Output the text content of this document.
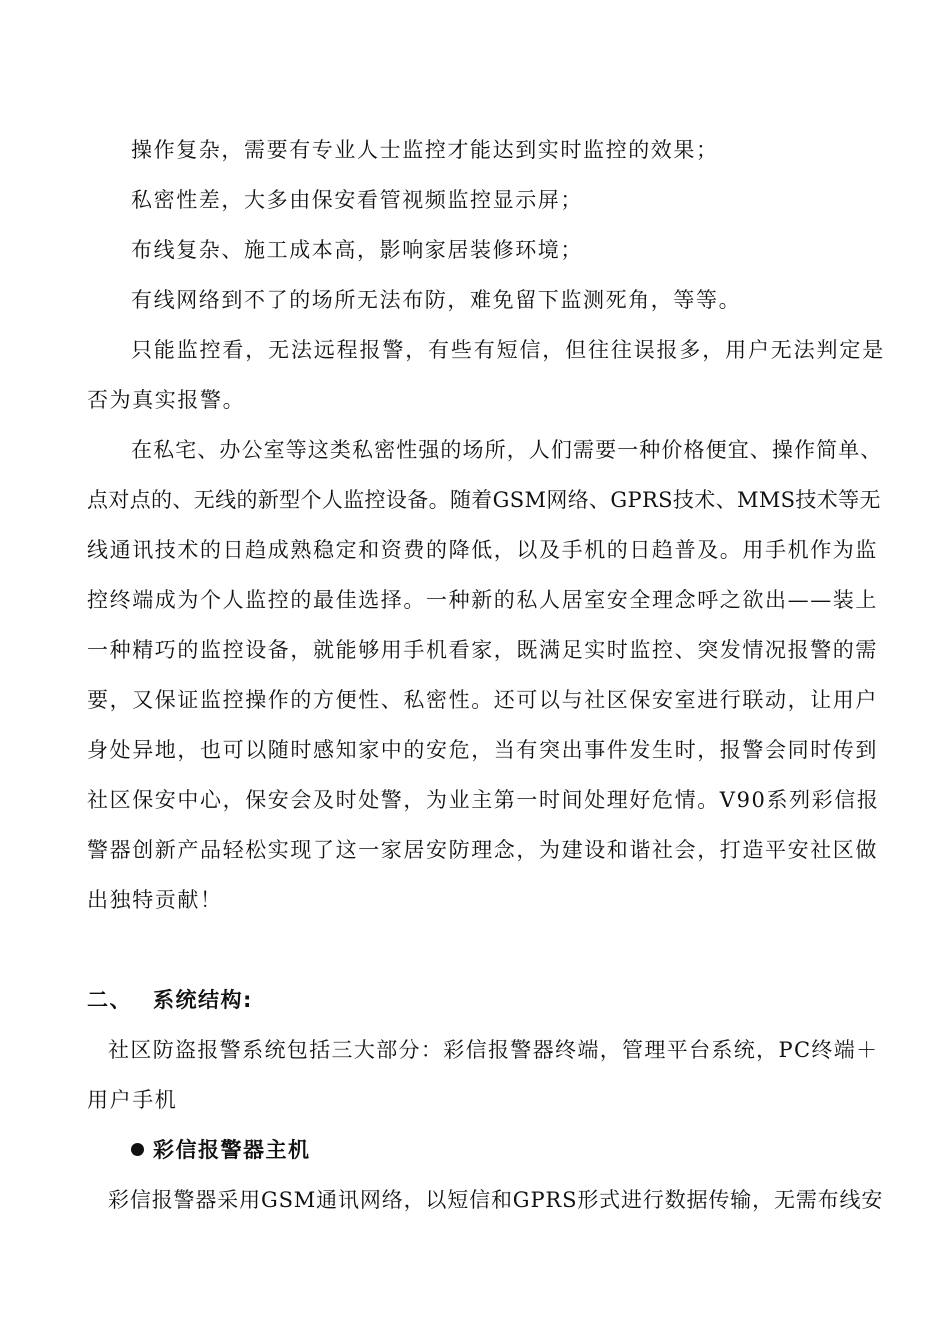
操作复杂，需要有专业人士监控才能达到实时监控的效果；
私密性差，大多由保安看管视频监控显示屏；
布线复杂、施工成本高，影响家居装修环境；
有线网络到不了的场所无法布防，难免留下监测死角，等等。
只能监控看，无法远程报警，有些有短信，但往往误报多，用户无法判定是
否为真实报警。
在私宅、办公室等这类私密性强的场所，人们需要一种价格便宜、操作简单、
点对点的、无线的新型个人监控设备。随着GSM网络、GPRS技术、MMS技术等无
线通讯技术的日趋成熟稳定和资费的降低，以及手机的日趋普及。用手机作为监
控终端成为个人监控的最佳选择。一种新的私人居室安全理念呼之欲出——装上
一种精巧的监控设备，就能够用手机看家，既满足实时监控、突发情况报警的需
要，又保证监控操作的方便性、私密性。还可以与社区保安室进行联动，让用户
身处异地，也可以随时感知家中的安危，当有突出事件发生时，报警会同时传到
社区保安中心，保安会及时处警，为业主第一时间处理好危情。V90系列彩信报
警器创新产品轻松实现了这一家居安防理念，为建设和谐社会，打造平安社区做
出独特贡献！
二、 系统结构:
社区防盗报警系统包括三大部分：彩信报警器终端，管理平台系统，PC终端＋
用户手机
彩信报警器主机
彩信报警器采用GSM通讯网络，以短信和GPRS形式进行数据传输，无需布线安
